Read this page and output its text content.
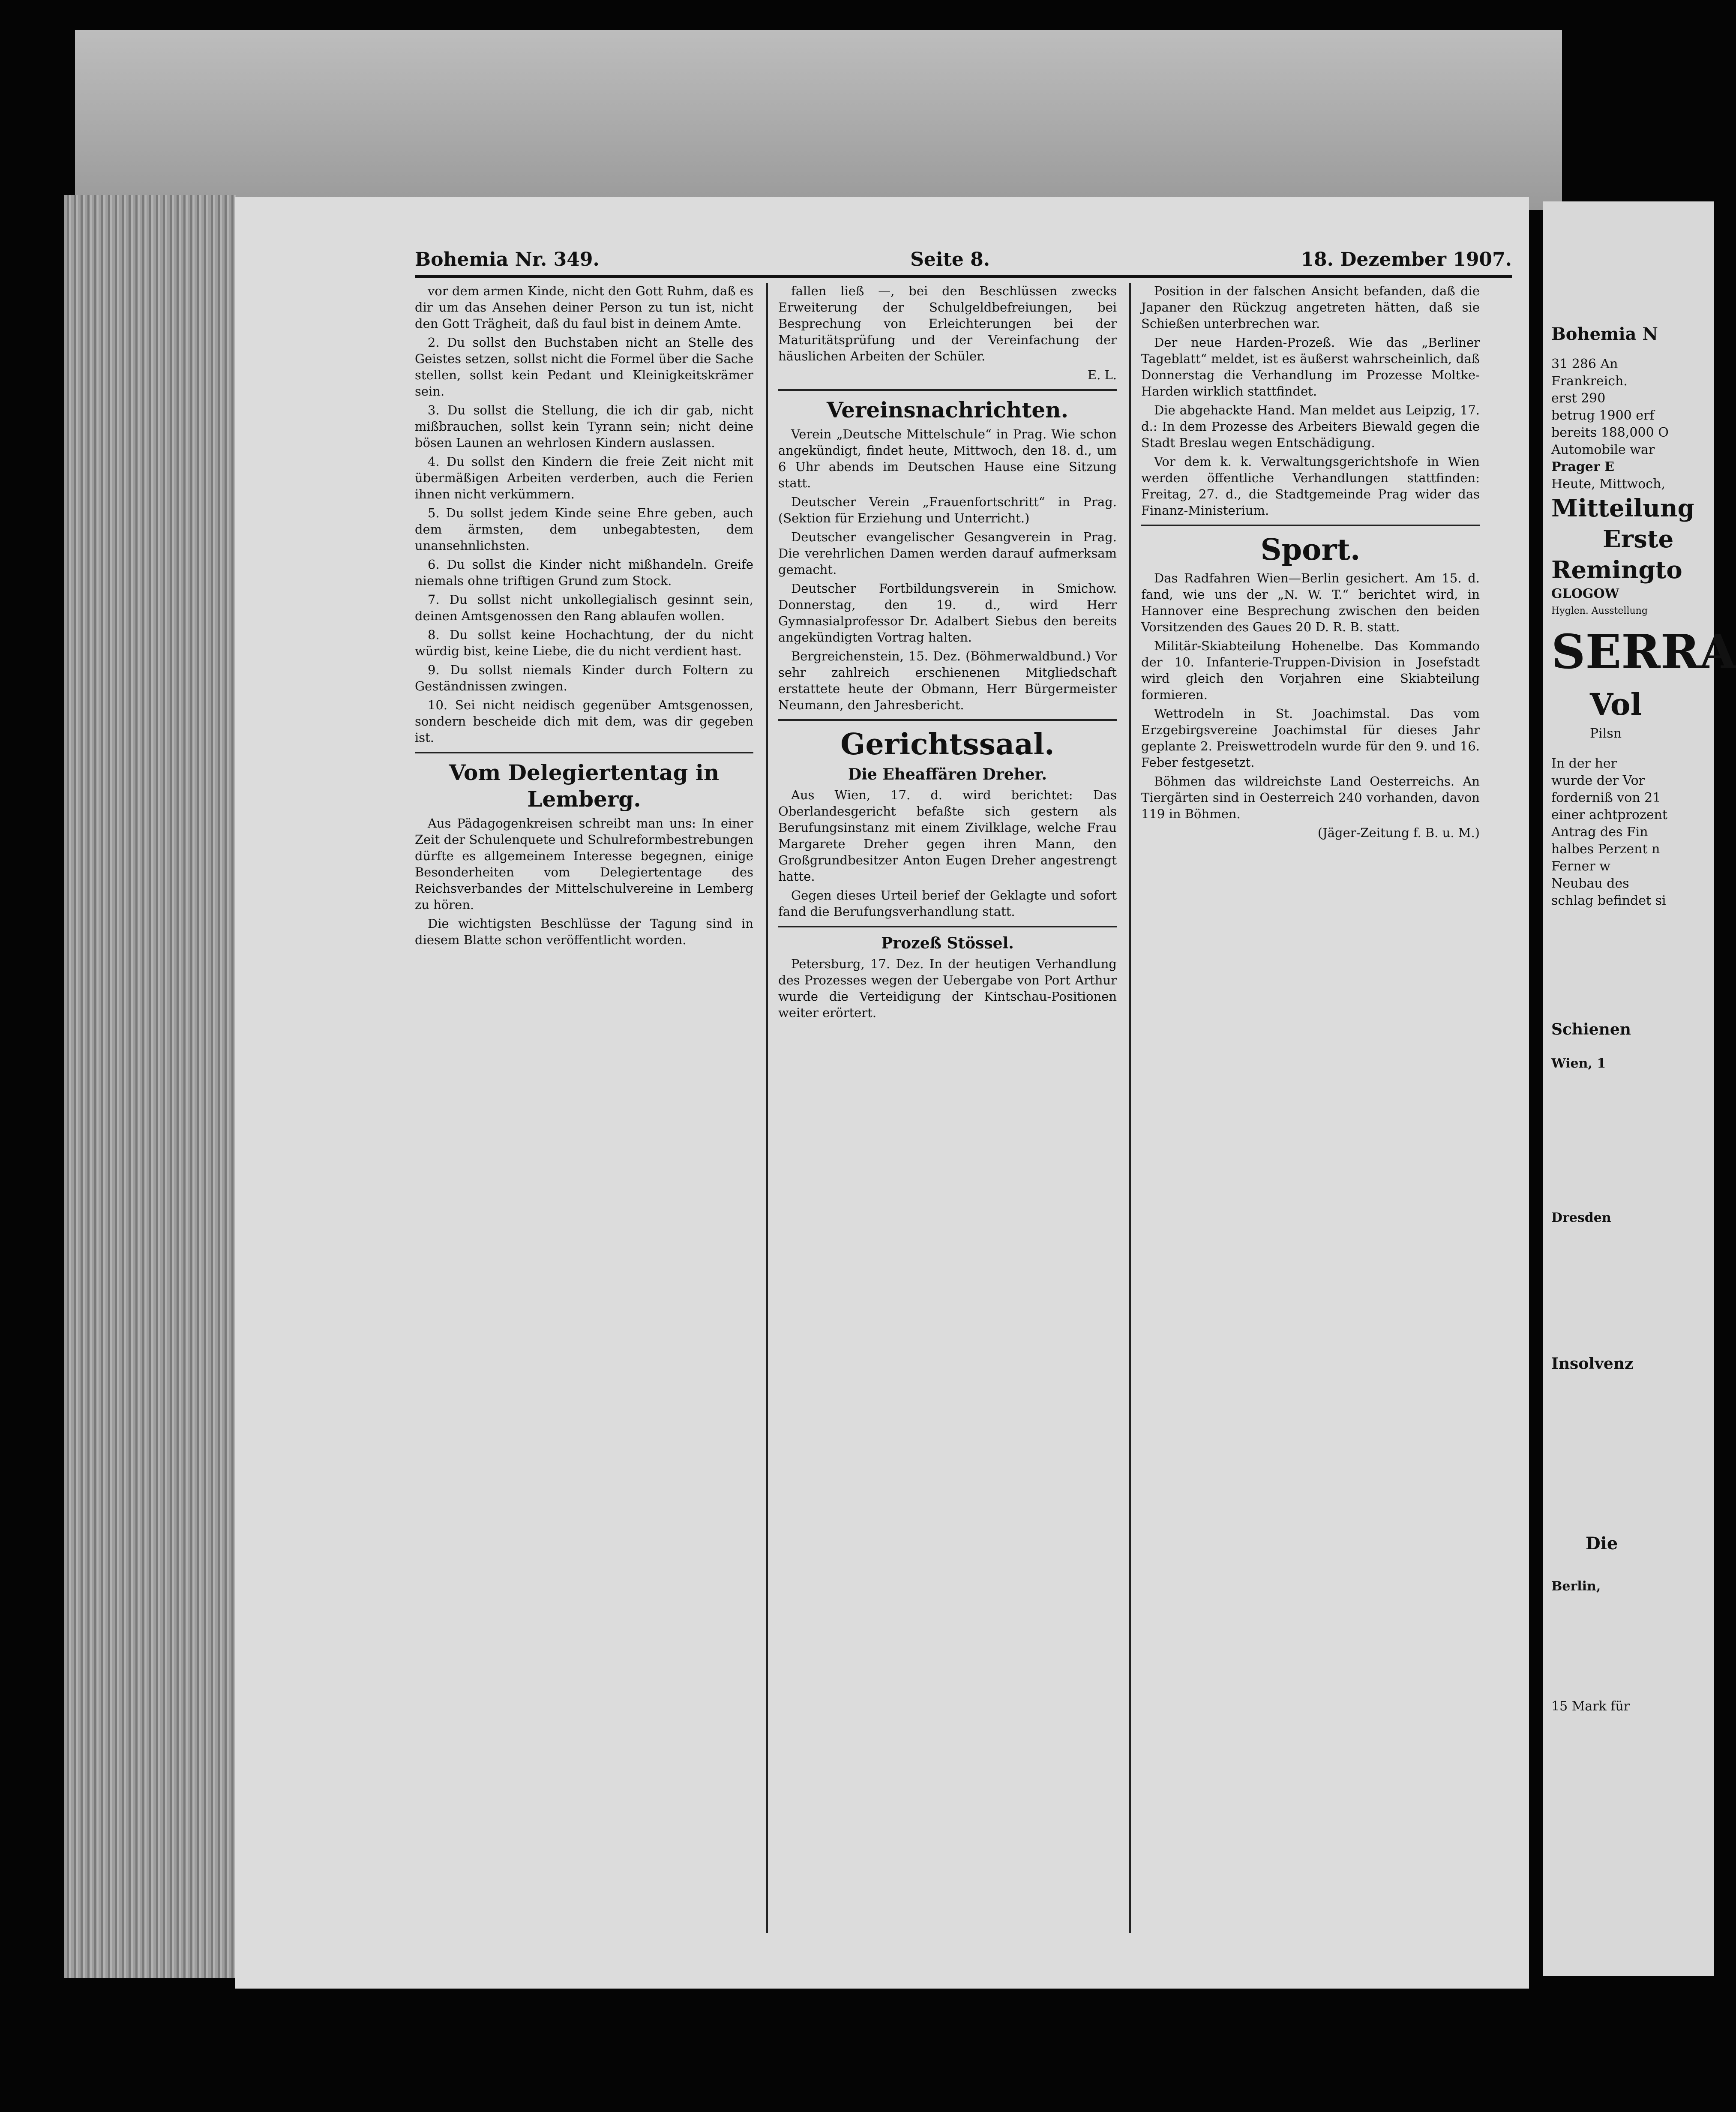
Bohemia Nr. 349.	Seite 8.	18. Dezember 1907.

vor dem armen Kinde, nicht den Gott Ruhm, daß es dir um das Ansehen deiner Person zu tun ist, nicht den Gott Trägheit, daß du faul bist in deinem Amte.

2. Du sollst den Buchstaben nicht an Stelle des Geistes setzen, sollst nicht die Formel über die Sache stellen, sollst kein Pedant und Kleinigkeitskrämer sein.

3. Du sollst die Stellung, die ich dir gab, nicht mißbrauchen, sollst kein Tyrann sein; nicht deine bösen Launen an wehrlosen Kindern auslassen.

4. Du sollst den Kindern die freie Zeit nicht mit übermäßigen Arbeiten verderben, auch die Ferien ihnen nicht verkümmern.

5. Du sollst jedem Kinde seine Ehre geben, auch dem ärmsten, dem unbegabtesten, dem unansehnlichsten.

6. Du sollst die Kinder nicht mißhandeln. Greife niemals ohne triftigen Grund zum Stock.

7. Du sollst nicht unkollegialisch gesinnt sein, deinen Amtsgenossen den Rang ablaufen wollen.

8. Du sollst keine Hochachtung, der du nicht würdig bist, keine Liebe, die du nicht verdient hast.

9. Du sollst niemals Kinder durch Foltern zu Geständnissen zwingen.

10. Sei nicht neidisch gegenüber Amtsgenossen, sondern bescheide dich mit dem, was dir gegeben ist.

Vom Delegiertentag in Lemberg.

Aus Pädagogenkreisen schreibt man uns: In einer Zeit der Schulenquete und Schulreformbestrebungen dürfte es allgemeinem Interesse begegnen, einige Besonderheiten vom Delegiertentage des Reichsverbandes der Mittelschulvereine in Lemberg zu hören.

Die wichtigsten Beschlüsse der Tagung sind in diesem Blatte schon veröffentlicht worden.

fallen ließ —, bei den Beschlüssen zwecks Erweiterung der Schulgeldbefreiungen, bei Besprechung von Erleichterungen bei der Maturitätsprüfung und der Vereinfachung der häuslichen Arbeiten der Schüler.

E. L.

Vereinsnachrichten.

Verein „Deutsche Mittelschule“ in Prag. Wie schon angekündigt, findet heute, Mittwoch, den 18. d., um 6 Uhr abends im Deutschen Hause eine Sitzung statt.

Deutscher Verein „Frauenfortschritt“ in Prag. (Sektion für Erziehung und Unterricht.)

Deutscher evangelischer Gesangverein in Prag. Die verehrlichen Damen werden darauf aufmerksam gemacht.

Deutscher Fortbildungsverein in Smichow. Donnerstag, den 19. d., wird Herr Gymnasialprofessor Dr. Adalbert Siebus den bereits angekündigten Vortrag halten.

Bergreichenstein, 15. Dez. (Böhmerwaldbund.) Vor sehr zahlreich erschienenen Mitgliedschaft erstattete heute der Obmann, Herr Bürgermeister Neumann, den Jahresbericht.

Gerichtssaal.

Die Eheaffären Dreher.

Aus Wien, 17. d. wird berichtet: Das Oberlandesgericht befaßte sich gestern als Berufungsinstanz mit einem Zivilklage, welche Frau Margarete Dreher gegen ihren Mann, den Großgrundbesitzer Anton Eugen Dreher angestrengt hatte.

Gegen dieses Urteil berief der Geklagte und sofort fand die Berufungsverhandlung statt.

Prozeß Stössel.

Petersburg, 17. Dez. In der heutigen Verhandlung des Prozesses wegen der Uebergabe von Port Arthur wurde die Verteidigung der Kintschau-Positionen weiter erörtert.

Position in der falschen Ansicht befanden, daß die Japaner den Rückzug angetreten hätten, daß sie Schießen unterbrechen war.

Der neue Harden-Prozeß. Wie das „Berliner Tageblatt“ meldet, ist es äußerst wahrscheinlich, daß Donnerstag die Verhandlung im Prozesse Moltke-Harden wirklich stattfindet.

Die abgehackte Hand. Man meldet aus Leipzig, 17. d.: In dem Prozesse des Arbeiters Biewald gegen die Stadt Breslau wegen Entschädigung.

Vor dem k. k. Verwaltungsgerichtshofe in Wien werden öffentliche Verhandlungen stattfinden: Freitag, 27. d., die Stadtgemeinde Prag wider das Finanz-Ministerium.

Sport.

Das Radfahren Wien—Berlin gesichert. Am 15. d. fand, wie uns der „N. W. T.“ berichtet wird, in Hannover eine Besprechung zwischen den beiden Vorsitzenden des Gaues 20 D. R. B. statt.

Militär-Skiabteilung Hohenelbe. Das Kommando der 10. Infanterie-Truppen-Division in Josefstadt wird gleich den Vorjahren eine Skiabteilung formieren.

Wettrodeln in St. Joachimstal. Das vom Erzgebirgsvereine Joachimstal für dieses Jahr geplante 2. Preiswettrodeln wurde für den 9. und 16. Feber festgesetzt.

Böhmen das wildreichste Land Oesterreichs. An Tiergärten sind in Oesterreich 240 vorhanden, davon 119 in Böhmen.

(Jäger-Zeitung f. B. u. M.)

Bohemia N
31 286 An
Frankreich.
erst 290
betrug 1900 erf
bereits 188,000 O
Automobile war
Prager E
Heute, Mittwoch,
Mitteilung
Erste
Remingto
GLOGOW
Hyglen. Ausstellung
SERRA
Vol
Pilsn
In der her
wurde der Vor
forderniß von 21
einer achtprozent
Antrag des Fin
halbes Perzent n
Ferner w
Neubau des
schlag befindet si
Schienen
Wien, 1
Dresden
Insolvenz
Die
Berlin,
15 Mark für
